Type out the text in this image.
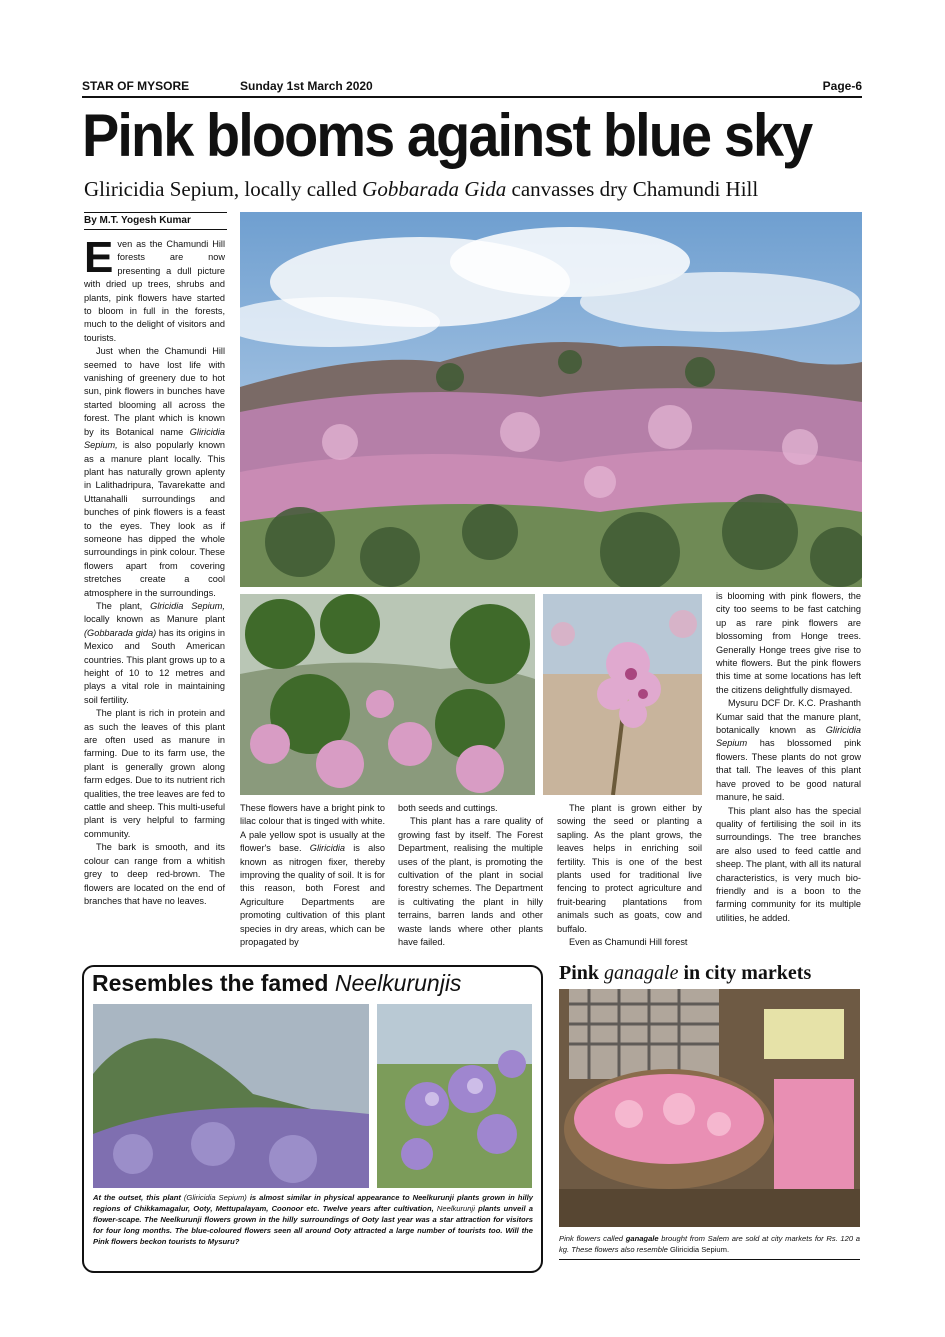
STAR OF MYSORE	Sunday 1st March 2020	Page-6
Pink blooms against blue sky
Gliricidia Sepium, locally called Gobbarada Gida canvasses dry Chamundi Hill
By M.T. Yogesh Kumar

Even as the Chamundi Hill forests are now presenting a dull picture with dried up trees, shrubs and plants, pink flowers have started to bloom in full in the forests, much to the delight of visitors and tourists.

Just when the Chamundi Hill seemed to have lost life with vanishing of greenery due to hot sun, pink flowers in bunches have started blooming all across the forest. The plant which is known by its Botanical name Gliricidia Sepium, is also popularly known as a manure plant locally. This plant has naturally grown aplenty in Lalithadripura, Tavarekatte and Uttanahalli surroundings and bunches of pink flowers is a feast to the eyes. They look as if someone has dipped the whole surroundings in pink colour. These flowers apart from covering stretches create a cool atmosphere in the surroundings.

The plant, Glricidia Sepium, locally known as Manure plant (Gobbarada gida) has its origins in Mexico and South American countries. This plant grows up to a height of 10 to 12 metres and plays a vital role in maintaining soil fertility.

The plant is rich in protein and as such the leaves of this plant are often used as manure in farming. Due to its farm use, the plant is generally grown along farm edges. Due to its nutrient rich qualities, the tree leaves are fed to cattle and sheep. This multi-useful plant is very helpful to farming community.

The bark is smooth, and its colour can range from a whitish grey to deep red-brown. The flowers are located on the end of branches that have no leaves.

These flowers have a bright pink to lilac colour that is tinged with white. A pale yellow spot is usually at the flower's base. Gliricidia is also known as nitrogen fixer, thereby improving the quality of soil. It is for this reason, both Forest and Agriculture Departments are promoting cultivation of this plant species in dry areas, which can be propagated by

both seeds and cuttings.

This plant has a rare quality of growing fast by itself. The Forest Department, realising the multiple uses of the plant, is promoting the cultivation of the plant in social forestry schemes. The Department is cultivating the plant in hilly terrains, barren lands and other waste lands where other plants have failed.

The plant is grown either by sowing the seed or planting a sapling. As the plant grows, the leaves helps in enriching soil fertility. This is one of the best plants used for traditional live fencing to protect agriculture and fruit-bearing plantations from animals such as goats, cow and buffalo.

Even as Chamundi Hill forest

is blooming with pink flowers, the city too seems to be fast catching up as rare pink flowers are blossoming from Honge trees. Generally Honge trees give rise to white flowers. But the pink flowers this time at some locations has left the citizens delightfully dismayed.

Mysuru DCF Dr. K.C. Prashanth Kumar said that the manure plant, botanically known as Gliricidia Sepium has blossomed pink flowers. These plants do not grow that tall. The leaves of this plant have proved to be good natural manure, he said.

This plant also has the special quality of fertilising the soil in its surroundings. The tree branches are also used to feed cattle and sheep. The plant, with all its natural characteristics, is very much bio-friendly and is a boon to the farming community for its multiple utilities, he added.

Resembles the famed Neelkurunjis
At the outset, this plant (Gliricidia Sepium) is almost similar in physical appearance to Neelkurunji plants grown in hilly regions of Chikkamagalur, Ooty, Mettupalayam, Coonoor etc. Twelve years after cultivation, Neelkurunji plants unveil a flower-scape. The Neelkurunji flowers grown in the hilly surroundings of Ooty last year was a star attraction for visitors for four long months. The blue-coloured flowers seen all around Ooty attracted a large number of tourists too. Will the Pink flowers beckon tourists to Mysuru?
Pink ganagale in city markets
Pink flowers called ganagale brought from Salem are sold at city markets for Rs. 120 a kg. These flowers also resemble Gliricidia Sepium.
